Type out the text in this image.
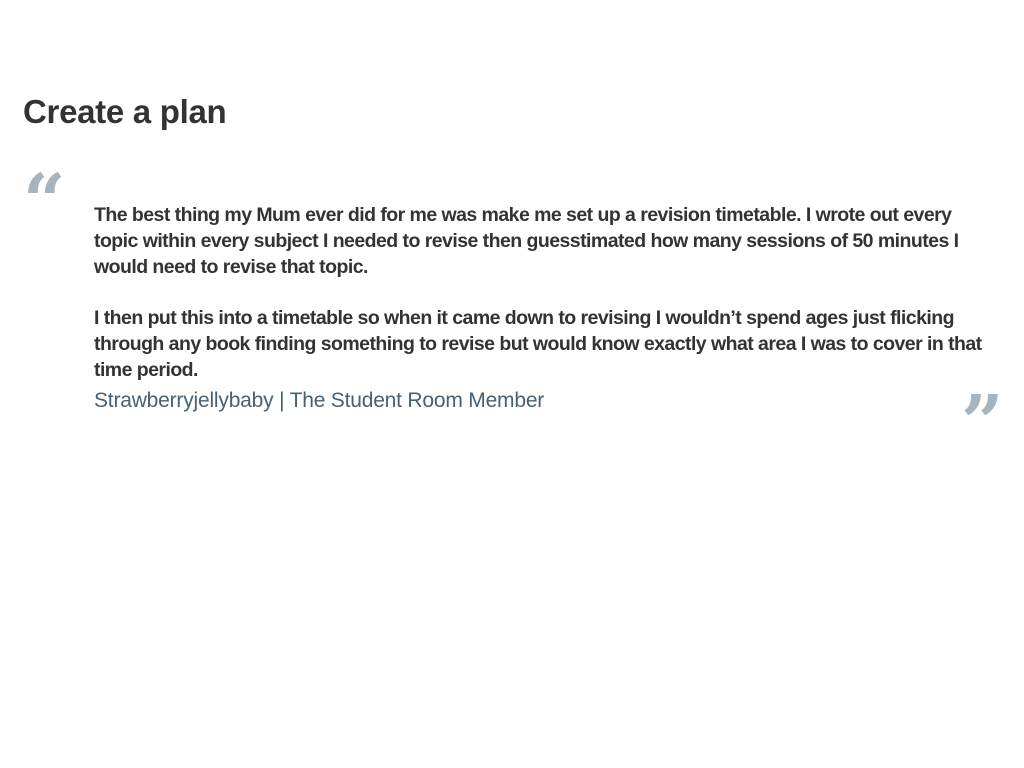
Create a plan
“ The best thing my Mum ever did for me was make me set up a revision timetable. I wrote out every topic within every subject I needed to revise then guesstimated how many sessions of 50 minutes I would need to revise that topic.

I then put this into a timetable so when it came down to revising I wouldn’t spend ages just flicking through any book finding something to revise but would know exactly what area I was to cover in that time period.

Strawberryjellybaby | The Student Room Member	”
